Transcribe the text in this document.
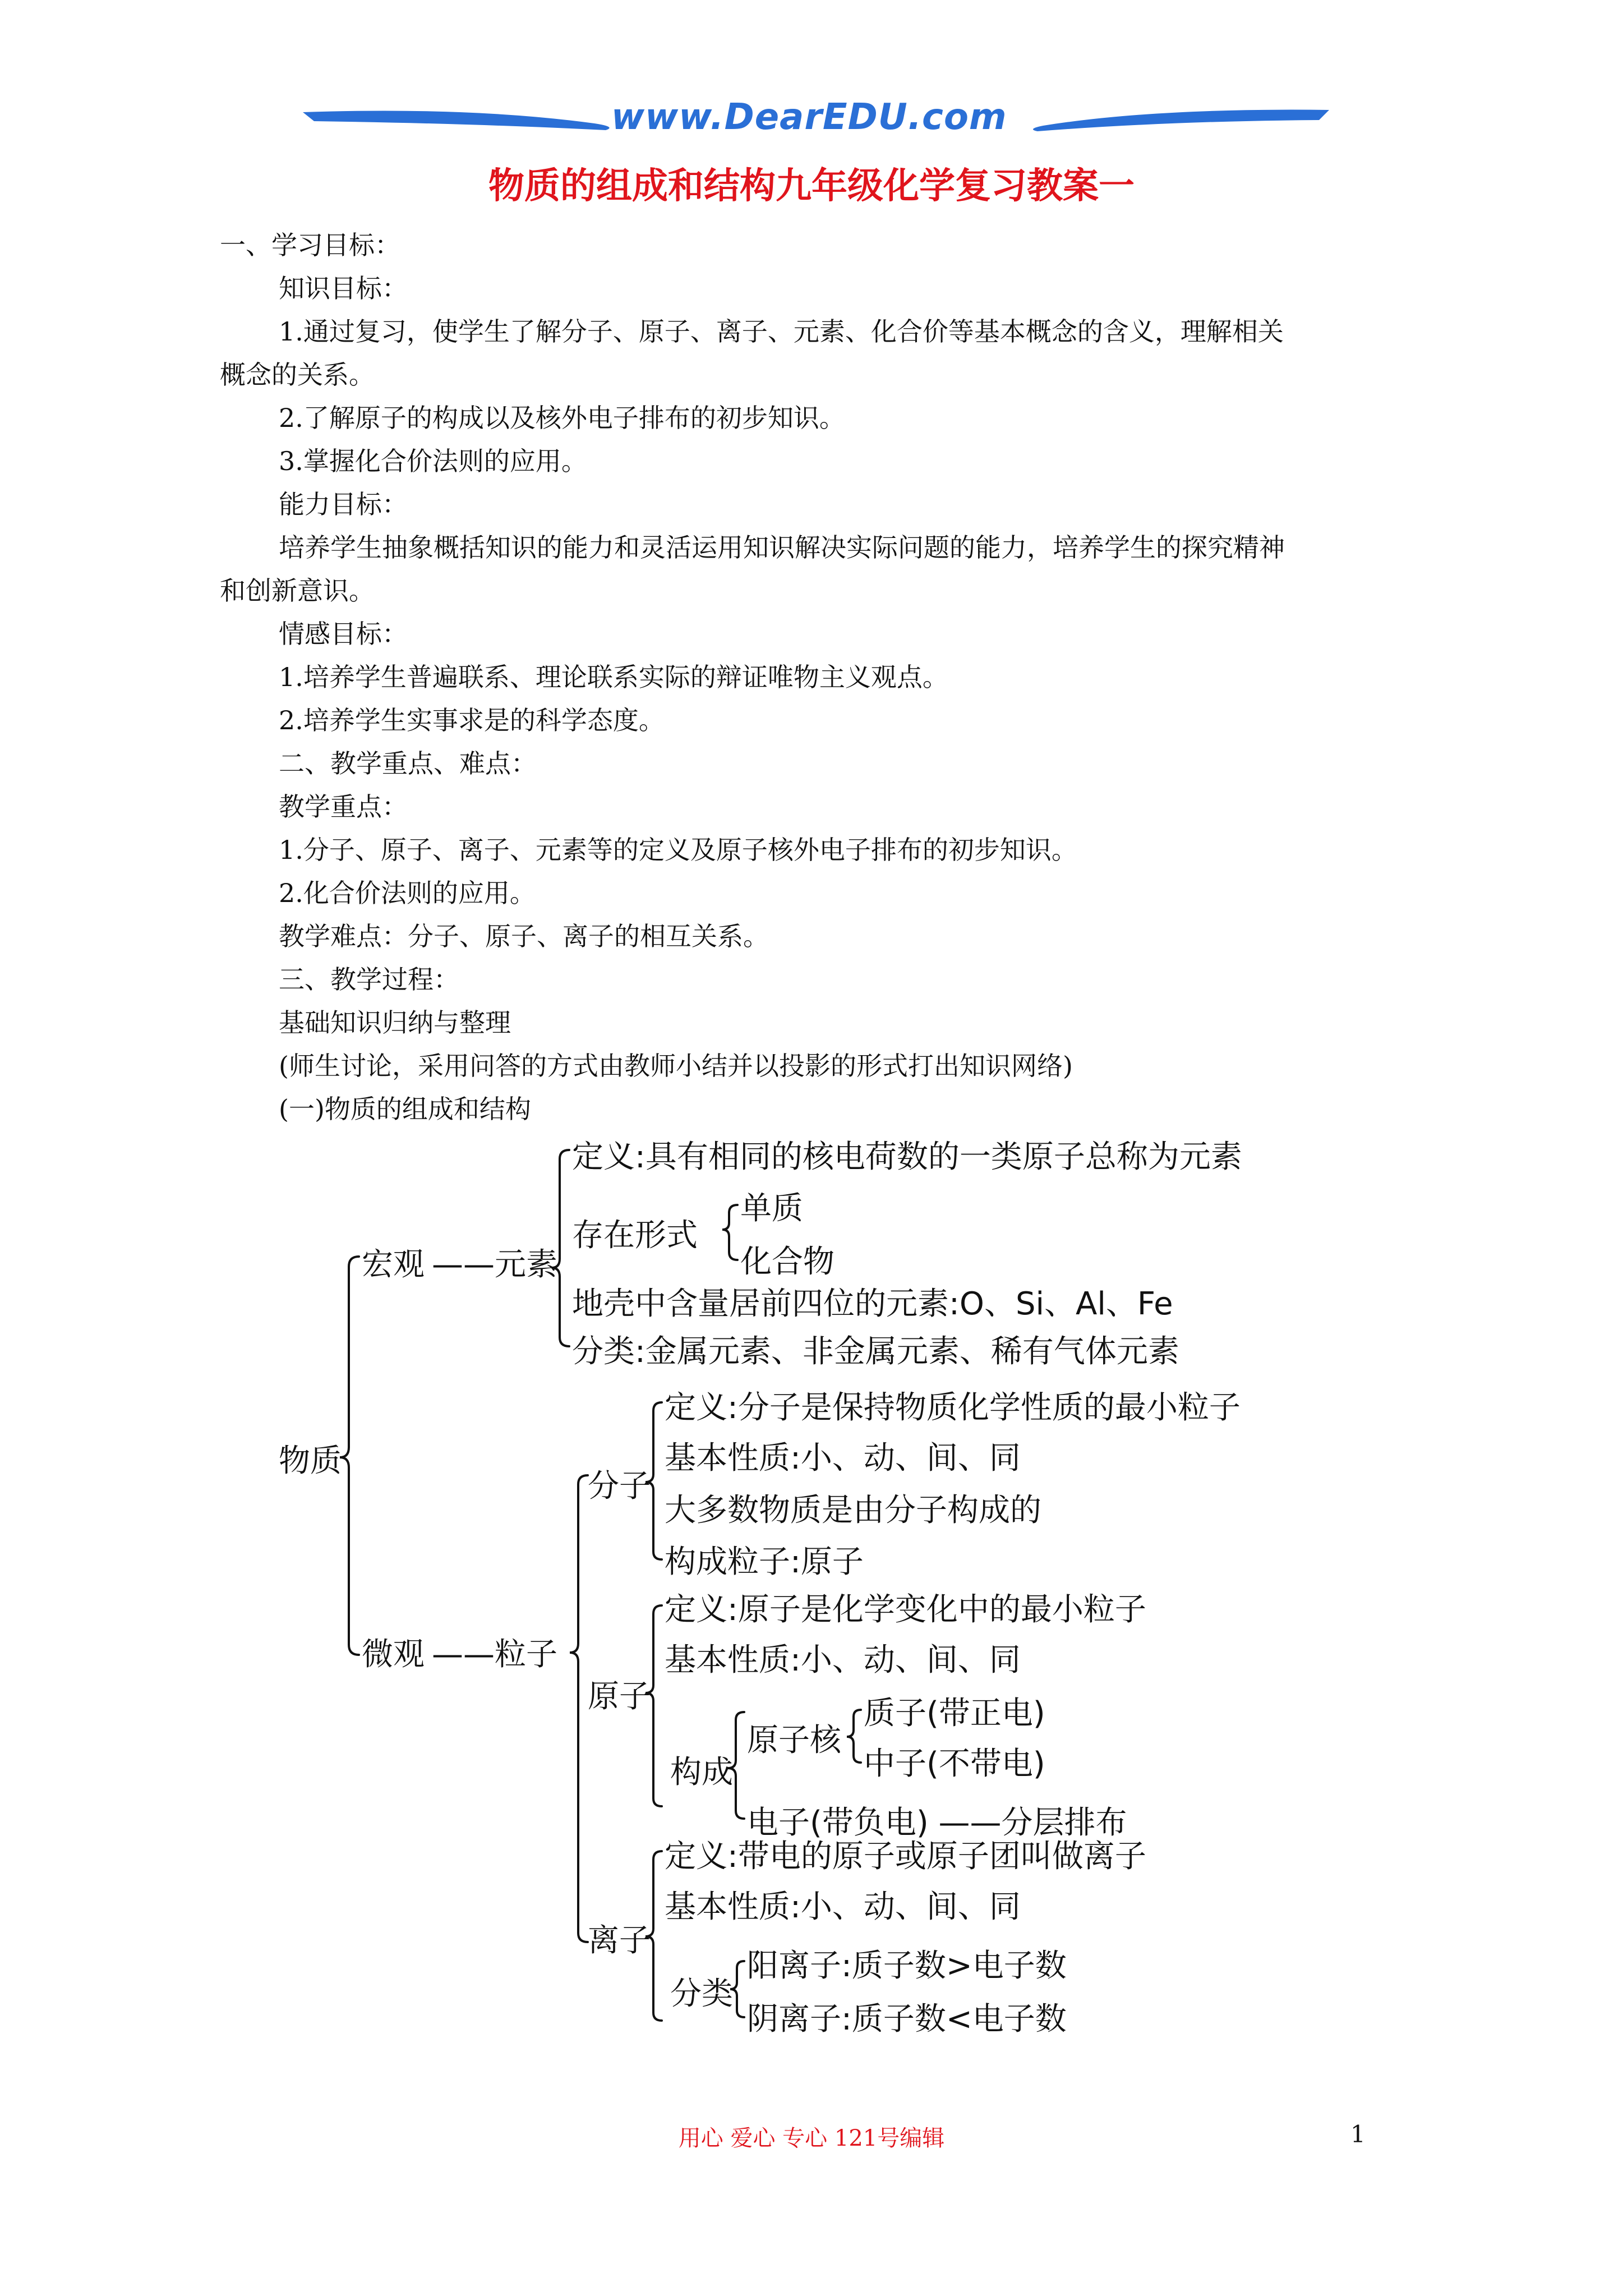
www.DearEDU.com
物质的组成和结构九年级化学复习教案一
一、学习目标：
知识目标：
1.通过复习，使学生了解分子、原子、离子、元素、化合价等基本概念的含义，理解相关
概念的关系。
2.了解原子的构成以及核外电子排布的初步知识。
3.掌握化合价法则的应用。
能力目标：
培养学生抽象概括知识的能力和灵活运用知识解决实际问题的能力，培养学生的探究精神
和创新意识。
情感目标：
1.培养学生普遍联系、理论联系实际的辩证唯物主义观点。
2.培养学生实事求是的科学态度。
二、教学重点、难点：
教学重点：
1.分子、原子、离子、元素等的定义及原子核外电子排布的初步知识。
2.化合价法则的应用。
教学难点：分子、原子、离子的相互关系。
三、教学过程：
基础知识归纳与整理
(师生讨论，采用问答的方式由教师小结并以投影的形式打出知识网络)
(一)物质的组成和结构
物质
宏观 ——元素
微观 ——粒子
定义:具有相同的核电荷数的一类原子总称为元素
存在形式
单质
化合物
地壳中含量居前四位的元素:O、Si、Al、Fe
分类:金属元素、非金属元素、稀有气体元素
分子
定义:分子是保持物质化学性质的最小粒子
基本性质:小、动、间、同
大多数物质是由分子构成的
构成粒子:原子
原子
定义:原子是化学变化中的最小粒子
基本性质:小、动、间、同
构成
原子核
质子(带正电)
中子(不带电)
电子(带负电) ——分层排布
离子
定义:带电的原子或原子团叫做离子
基本性质:小、动、间、同
分类
阳离子:质子数>电子数
阴离子:质子数<电子数
用心 爱心 专心 121号编辑	1
